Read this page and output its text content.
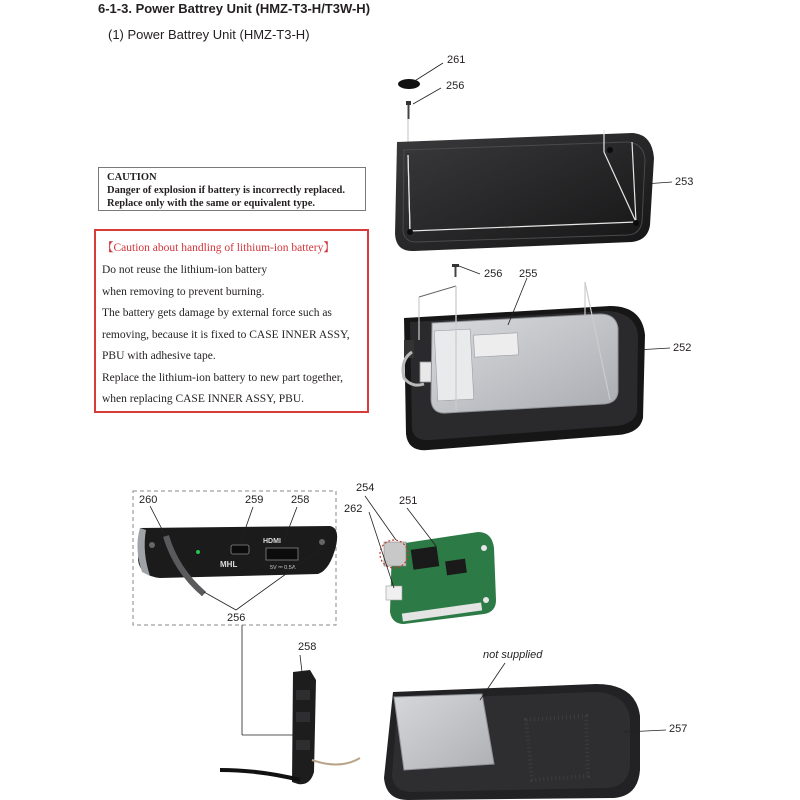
6-1-3. Power Battrey Unit (HMZ-T3-H/T3W-H)
(1) Power Battrey Unit (HMZ-T3-H)
CAUTION
Danger of explosion if battery is incorrectly replaced.
Replace only with the same or equivalent type.
【Caution about handling of lithium-ion battery】
Do not reuse the lithium-ion battery
when removing to prevent burning.
The battery gets damage by external force such as
removing, because it is fixed to CASE INNER ASSY,
PBU with adhesive tape.
Replace the lithium-ion battery to new part together,
when replacing CASE INNER ASSY, PBU.
HDMI
MHL	5V ⎓ 0.5A
261
256
253
256 255
252
260	259	258
254
251
262
256
258
257
not supplied
